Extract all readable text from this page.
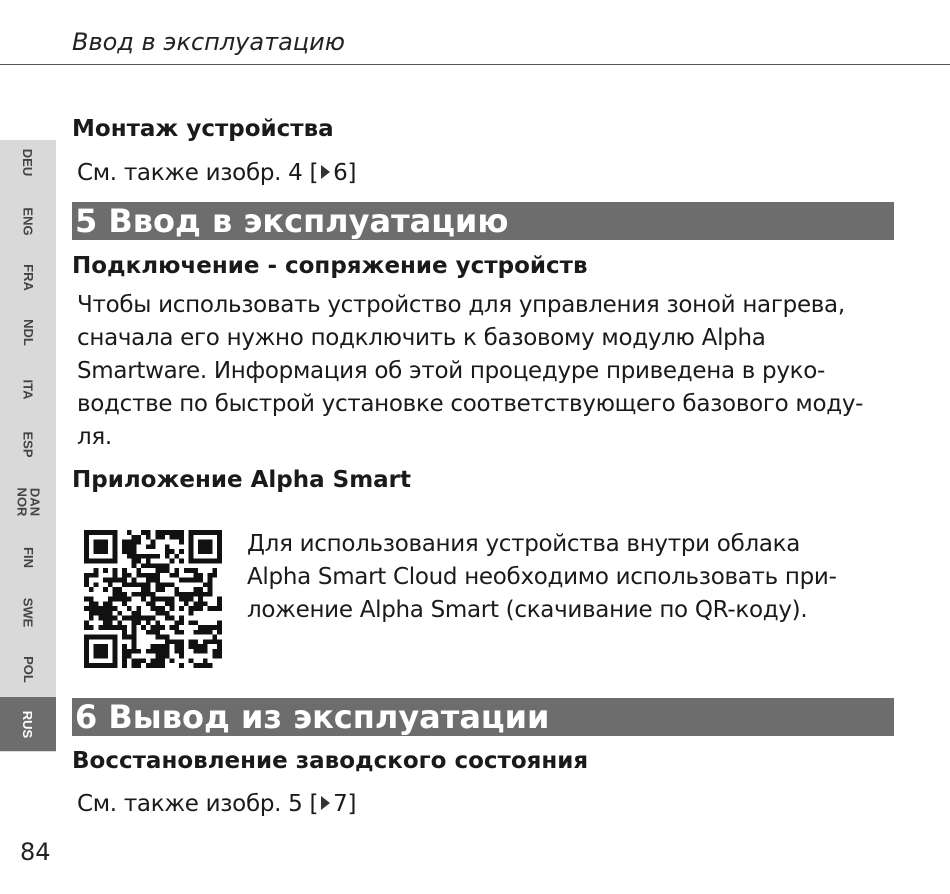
Ввод в эксплуатацию
DEU
ENG
FRA
NDL
ITA
ESP
DAN
NOR
FIN
SWE
POL
RUS
Монтаж устройства
См. также изобр. 4 [ 6]
5 Ввод в эксплуатацию
Подключение - сопряжение устройств
Чтобы использовать устройство для управления зоной нагрева,
сначала его нужно подключить к базовому модулю Alpha
Smartware. Информация об этой процедуре приведена в руко-
водстве по быстрой установке соответствующего базового моду-
ля.
Приложение Alpha Smart
Для использования устройства внутри облака
Alpha Smart Cloud необходимо использовать при-
ложение Alpha Smart (скачивание по QR-коду).
6 Вывод из эксплуатации
Восстановление заводского состояния
См. также изобр. 5 [ 7]
84
